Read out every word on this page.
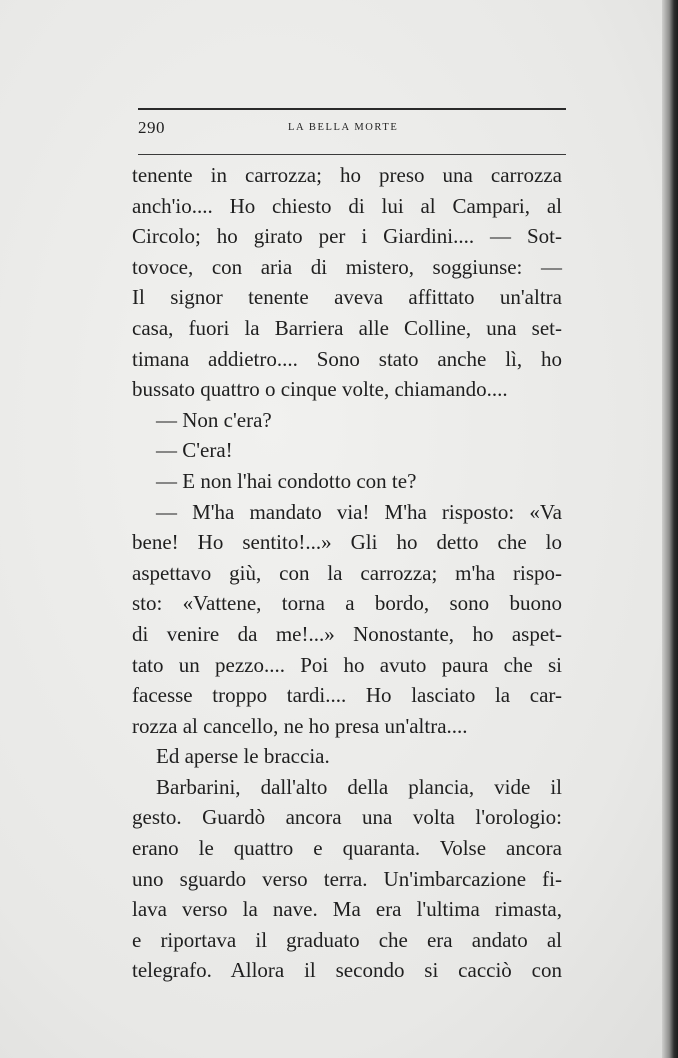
290	LA BELLA MORTE
tenente in carrozza; ho preso una carrozza
anch'io.... Ho chiesto di lui al Campari, al
Circolo; ho girato per i Giardini.... — Sot-
tovoce, con aria di mistero, soggiunse: —
Il signor tenente aveva affittato un'altra
casa, fuori la Barriera alle Colline, una set-
timana addietro.... Sono stato anche lì, ho
bussato quattro o cinque volte, chiamando....
— Non c'era?
— C'era!
— E non l'hai condotto con te?
— M'ha mandato via! M'ha risposto: «Va
bene! Ho sentito!...» Gli ho detto che lo
aspettavo giù, con la carrozza; m'ha rispo-
sto: «Vattene, torna a bordo, sono buono
di venire da me!...» Nonostante, ho aspet-
tato un pezzo.... Poi ho avuto paura che si
facesse troppo tardi.... Ho lasciato la car-
rozza al cancello, ne ho presa un'altra....
Ed aperse le braccia.
Barbarini, dall'alto della plancia, vide il
gesto. Guardò ancora una volta l'orologio:
erano le quattro e quaranta. Volse ancora
uno sguardo verso terra. Un'imbarcazione fi-
lava verso la nave. Ma era l'ultima rimasta,
e riportava il graduato che era andato al
telegrafo. Allora il secondo si cacciò con
